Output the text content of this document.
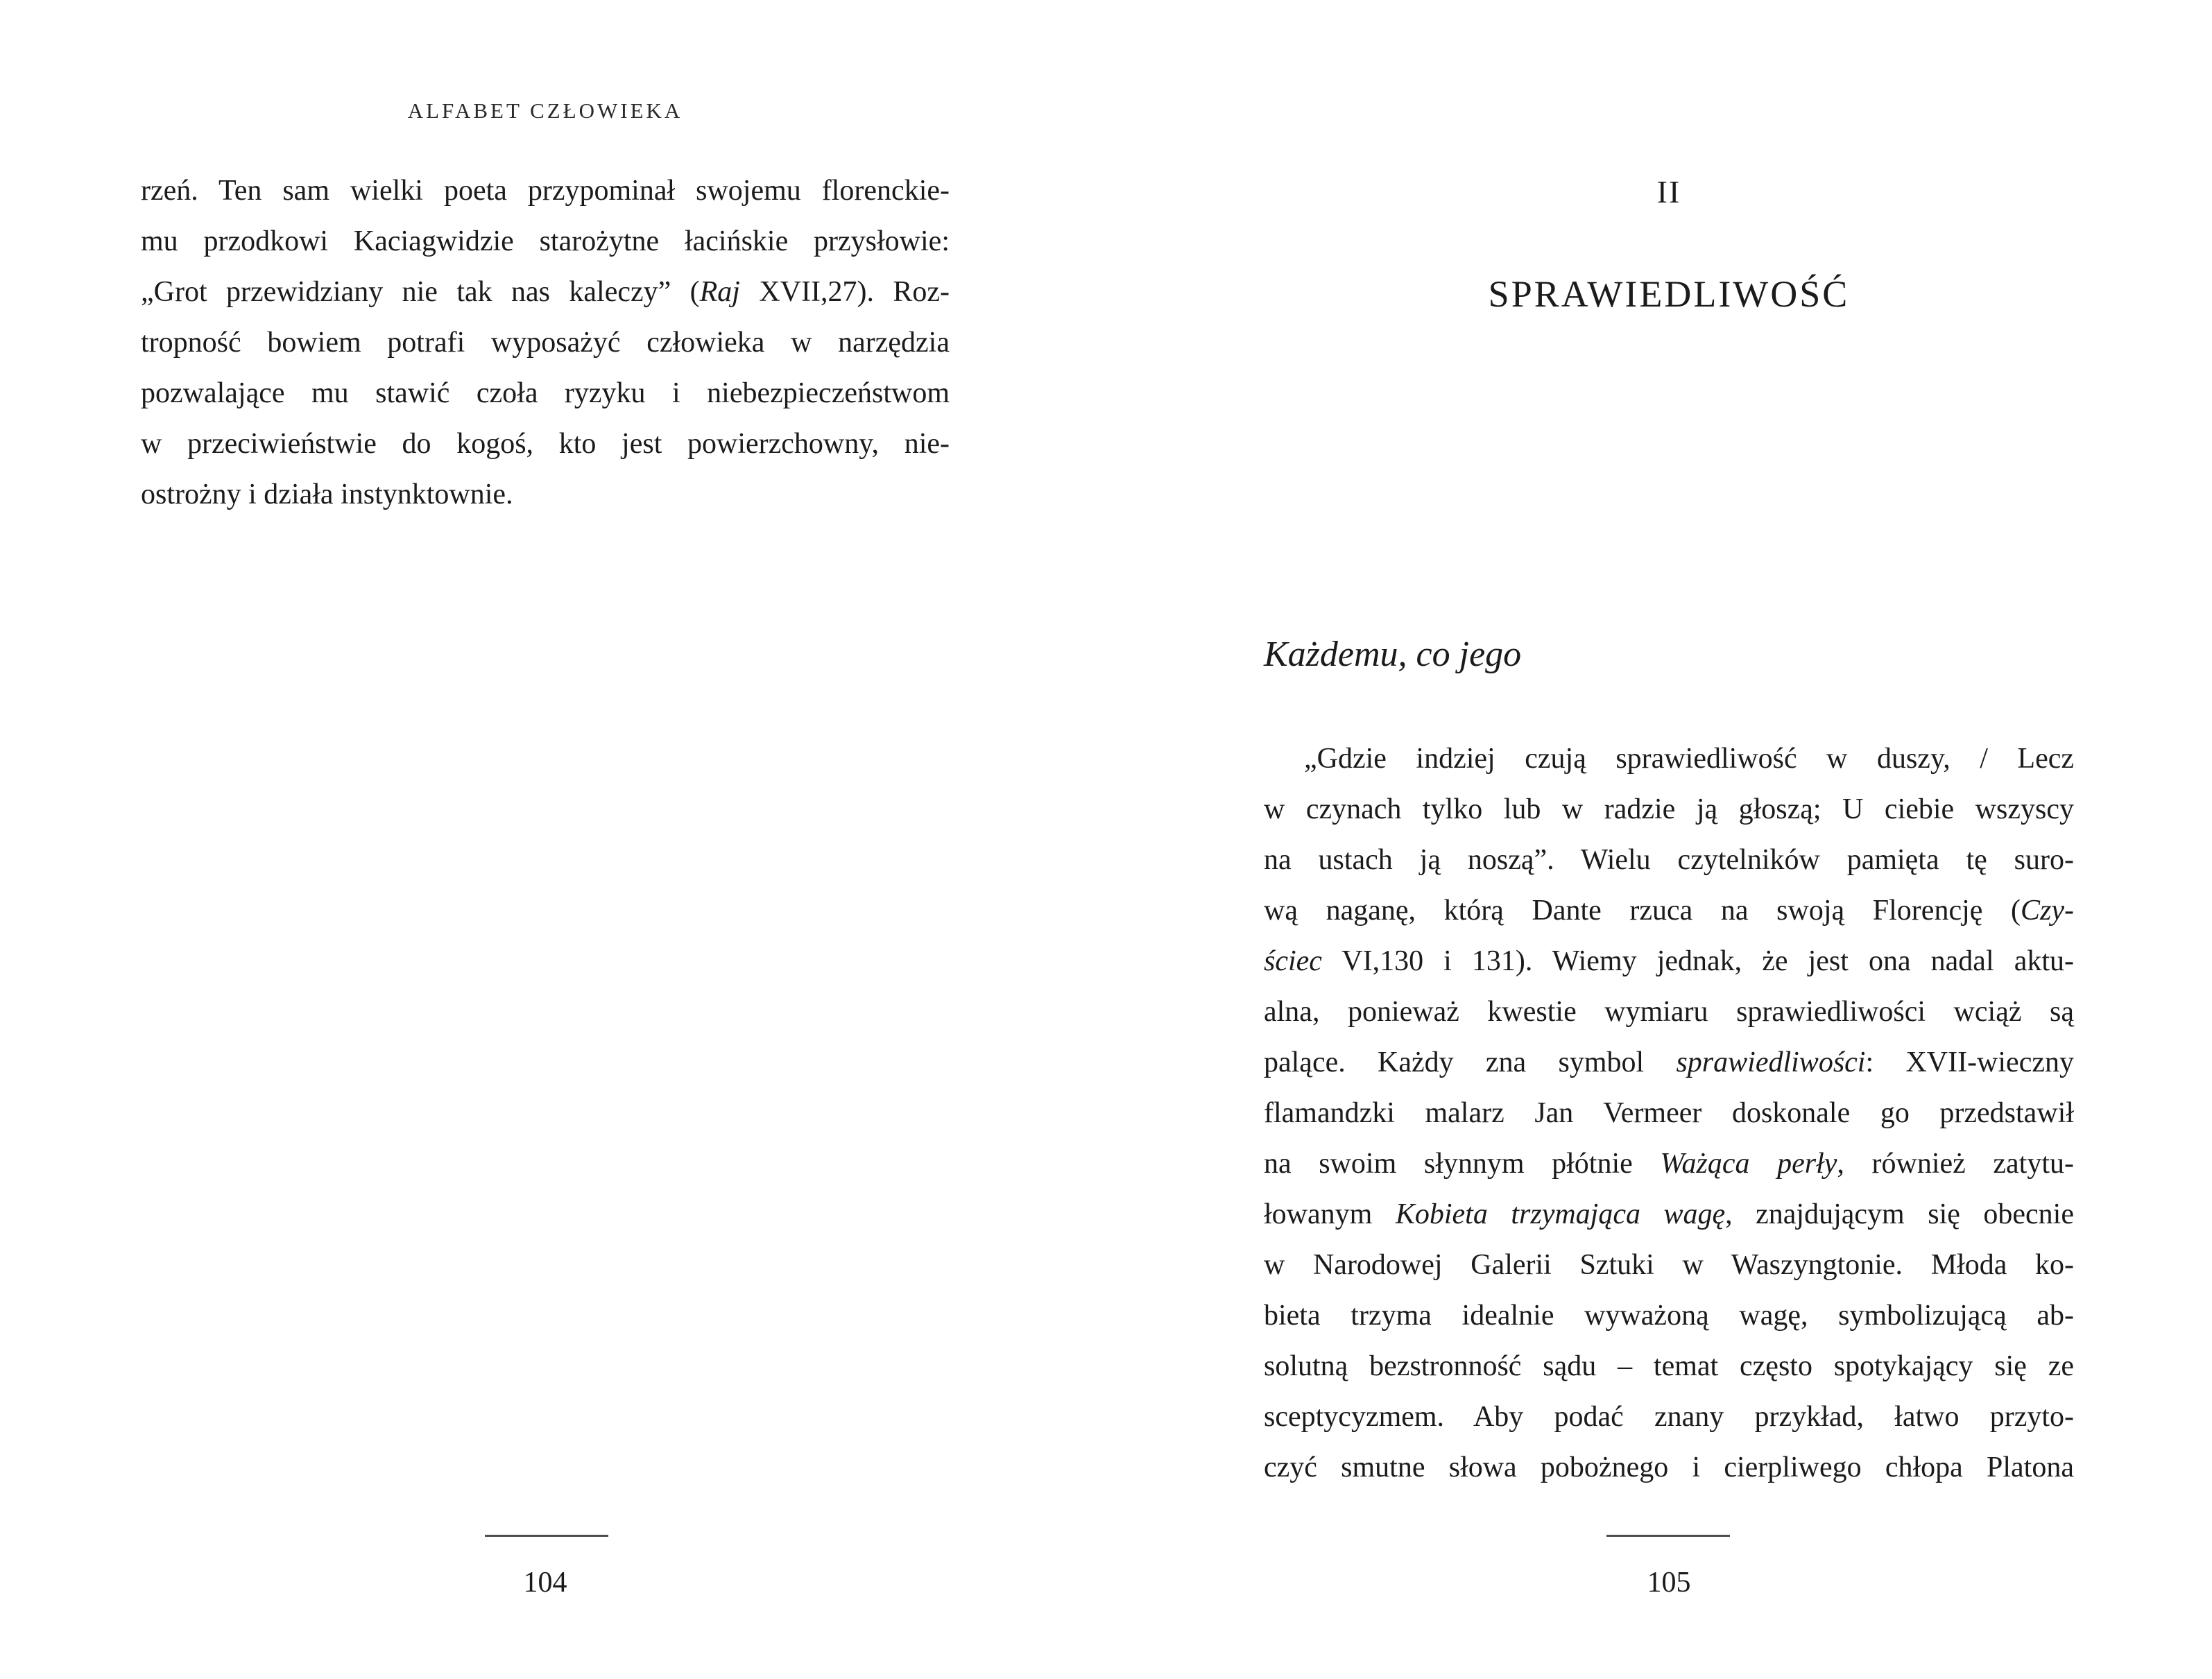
ALFABET CZŁOWIEKA
rzeń. Ten sam wielki poeta przypominał swojemu florenckie-
mu przodkowi Kaciagwidzie starożytne łacińskie przysłowie:
„Grot przewidziany nie tak nas kaleczy” (Raj XVII,27). Roz-
tropność bowiem potrafi wyposażyć człowieka w narzędzia
pozwalające mu stawić czoła ryzyku i niebezpieczeństwom
w przeciwieństwie do kogoś, kto jest powierzchowny, nie-
ostrożny i działa instynktownie.
104
II
SPRAWIEDLIWOŚĆ
Każdemu, co jego
„Gdzie indziej czują sprawiedliwość w duszy, / Lecz
w czynach tylko lub w radzie ją głoszą; U ciebie wszyscy
na ustach ją noszą”. Wielu czytelników pamięta tę suro-
wą naganę, którą Dante rzuca na swoją Florencję (Czy-
ściec VI,130 i 131). Wiemy jednak, że jest ona nadal aktu-
alna, ponieważ kwestie wymiaru sprawiedliwości wciąż są
palące. Każdy zna symbol sprawiedliwości: XVII-wieczny
flamandzki malarz Jan Vermeer doskonale go przedstawił
na swoim słynnym płótnie Ważąca perły, również zatytu-
łowanym Kobieta trzymająca wagę, znajdującym się obecnie
w Narodowej Galerii Sztuki w Waszyngtonie. Młoda ko-
bieta trzyma idealnie wyważoną wagę, symbolizującą ab-
solutną bezstronność sądu – temat często spotykający się ze
sceptycyzmem. Aby podać znany przykład, łatwo przyto-
czyć smutne słowa pobożnego i cierpliwego chłopa Platona
105
